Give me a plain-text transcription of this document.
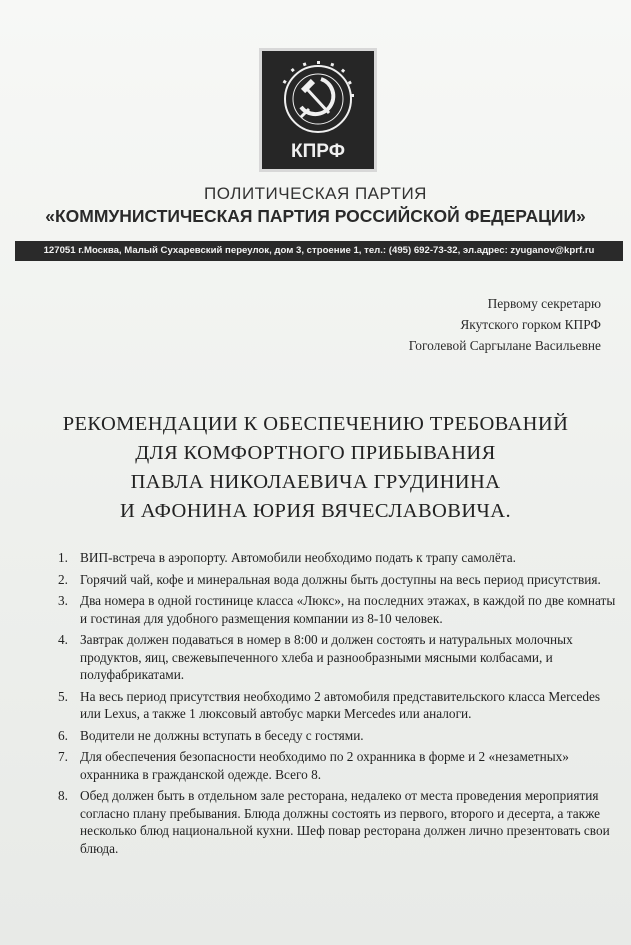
КПРФ
ПОЛИТИЧЕСКАЯ ПАРТИЯ
«КОММУНИСТИЧЕСКАЯ ПАРТИЯ РОССИЙСКОЙ ФЕДЕРАЦИИ»
127051 г.Москва, Малый Сухаревский переулок, дом 3, строение 1, тел.: (495) 692-73-32, эл.адрес: zyuganov@kprf.ru
Первому секретарю
Якутского горком КПРФ
Гоголевой Саргылане Васильевне
РЕКОМЕНДАЦИИ К ОБЕСПЕЧЕНИЮ ТРЕБОВАНИЙ
ДЛЯ КОМФОРТНОГО ПРИБЫВАНИЯ
ПАВЛА НИКОЛАЕВИЧА ГРУДИНИНА
И АФОНИНА ЮРИЯ ВЯЧЕСЛАВОВИЧА.
1. ВИП-встреча в аэропорту. Автомобили необходимо подать к трапу самолёта.
2. Горячий чай, кофе и минеральная вода должны быть доступны на весь период присутствия.
3. Два номера в одной гостинице класса «Люкс», на последних этажах, в каждой по две комнаты и гостиная для удобного размещения компании из 8-10 человек.
4. Завтрак должен подаваться в номер в 8:00 и должен состоять и натуральных молочных продуктов, яиц, свежевыпеченного хлеба и разнообразными мясными колбасами, и полуфабрикатами.
5. На весь период присутствия необходимо 2 автомобиля представительского класса Mercedes или Lexus, а также 1 люксовый автобус марки Mercedes или аналоги.
6. Водители не должны вступать в беседу с гостями.
7. Для обеспечения безопасности необходимо по 2 охранника в форме и 2 «незаметных» охранника в гражданской одежде. Всего 8.
8. Обед должен быть в отдельном зале ресторана, недалеко от места проведения мероприятия согласно плану пребывания. Блюда должны состоять из первого, второго и десерта, а также несколько блюд национальной кухни. Шеф повар ресторана должен лично презентовать свои блюда.
